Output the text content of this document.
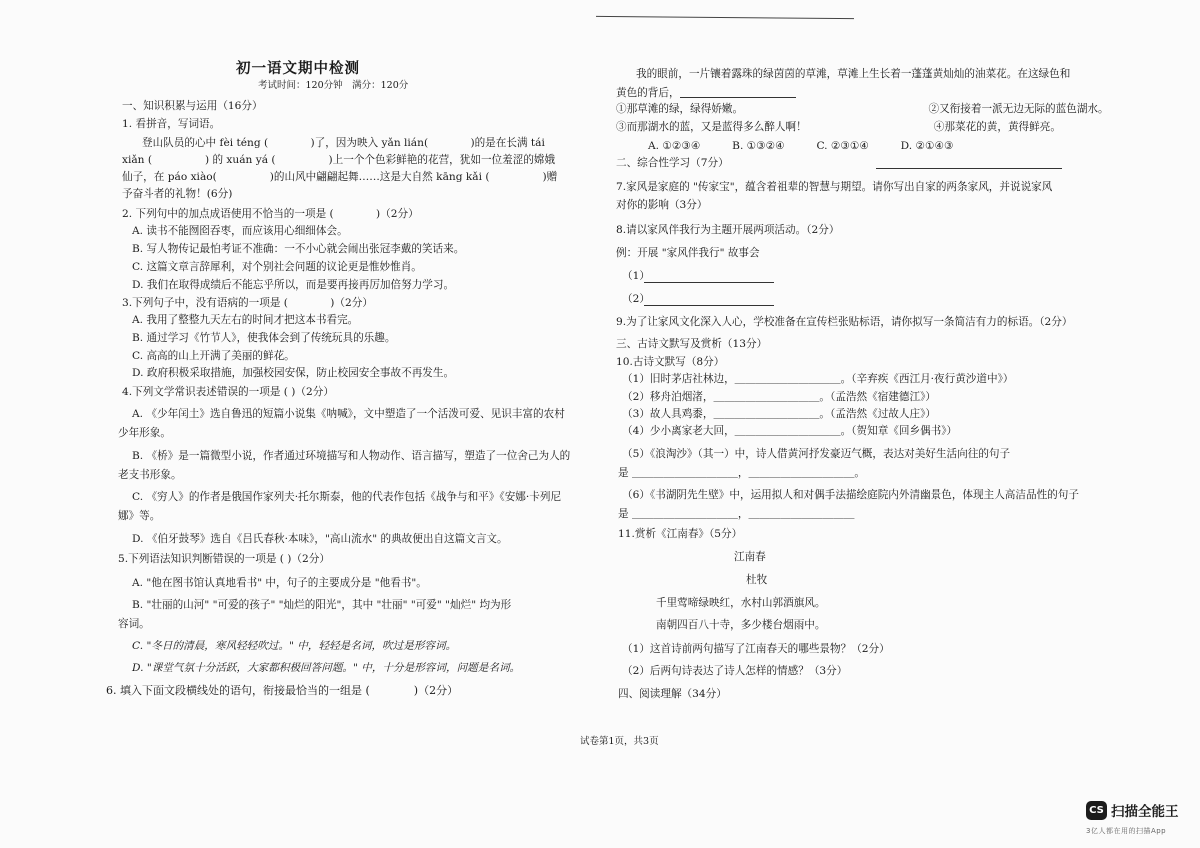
初一语文期中检测
考试时间：120分钟　满分：120分
一、知识积累与运用（16分）
1. 看拼音，写词语。
登山队员的心中 fèi téng (　　　　)了，因为映入 yǎn lián(　　　　)的是在长满 tái
xiǎn (　　　　　) 的 xuán yá (　　　　　)上一个个色彩鲜艳的花营，犹如一位羞涩的嫦娥
仙子，在 páo xiào(　　　　　)的山风中翩翩起舞……这是大自然 kāng kǎi (　　　　　)赠
予奋斗者的礼物！(6分)
2. 下列句中的加点成语使用不恰当的一项是 (　　　　)（2分）
A. 读书不能囫囵吞枣，而应该用心细细体会。
B. 写人物传记最怕考证不准确：一不小心就会闹出张冠李戴的笑话来。
C. 这篇文章言辞犀利，对个别社会问题的议论更是惟妙惟肖。
D. 我们在取得成绩后不能忘乎所以，而是要再接再厉加倍努力学习。
3.下列句子中，没有语病的一项是 (　　　　)（2分）
A. 我用了整整九天左右的时间才把这本书看完。
B. 通过学习《竹节人》，使我体会到了传统玩具的乐趣。
C. 高高的山上开满了美丽的鲜花。
D. 政府积极采取措施，加强校园安保，防止校园安全事故不再发生。
4.下列文学常识表述错误的一项是 ( )（2分）
A. 《少年闰土》选自鲁迅的短篇小说集《呐喊》，文中塑造了一个活泼可爱、见识丰富的农村
少年形象。
B. 《桥》是一篇微型小说，作者通过环境描写和人物动作、语言描写，塑造了一位舍己为人的
老支书形象。
C. 《穷人》的作者是俄国作家列夫·托尔斯泰，他的代表作包括《战争与和平》《安娜·卡列尼
娜》等。
D. 《伯牙鼓琴》选自《吕氏春秋·本味》，"高山流水" 的典故便出自这篇文言文。
5.下列语法知识判断错误的一项是 ( )（2分）
A. "他在图书馆认真地看书" 中，句子的主要成分是 "他看书"。
B. "壮丽的山河" "可爱的孩子" "灿烂的阳光"，其中 "壮丽" "可爱" "灿烂" 均为形
容词。
C. "冬日的清晨，寒风轻轻吹过。" 中，轻轻是名词，吹过是形容词。
D. "课堂气氛十分活跃，大家都积极回答问题。" 中，十分是形容词，问题是名词。
6. 填入下面文段横线处的语句，衔接最恰当的一组是 (　　　　)（2分）
我的眼前，一片镶着露珠的绿茵茵的草滩，草滩上生长着一蓬蓬黄灿灿的油菜花。在这绿色和
黄色的背后，
①那草滩的绿，绿得娇嫩。　　　　　　　　　　　　　　　　　　②又衔接着一派无边无际的蓝色湖水。
③而那湖水的蓝，又是蓝得多么醉人啊！　　　　　　　　　　　　④那菜花的黄，黄得鲜亮。
A. ①②③④　　　B. ①③②④　　　C. ②③①④　　　D. ②①④③
二、综合性学习（7分）
7.家风是家庭的 "传家宝"，蕴含着祖辈的智慧与期望。请你写出自家的两条家风，并说说家风
对你的影响（3分）
8.请以家风伴我行为主题开展两项活动。（2分）
例：开展 "家风伴我行" 故事会
（1）
（2）
9.为了让家风文化深入人心，学校准备在宣传栏张贴标语，请你拟写一条简洁有力的标语。（2分）
三、古诗文默写及赏析（13分）
10.古诗文默写（8分）
（1）旧时茅店社林边，＿＿＿＿＿＿＿＿＿＿。（辛弃疾《西江月·夜行黄沙道中》）
（2）移舟泊烟渚，＿＿＿＿＿＿＿＿＿＿。（孟浩然《宿建德江》）
（3）故人具鸡黍，＿＿＿＿＿＿＿＿＿＿。（孟浩然《过故人庄》）
（4）少小离家老大回，＿＿＿＿＿＿＿＿＿＿。（贺知章《回乡偶书》）
（5）《浪淘沙》（其一）中，诗人借黄河抒发豪迈气概，表达对美好生活向往的句子
是 ＿＿＿＿＿＿＿＿＿＿，＿＿＿＿＿＿＿＿＿＿。
（6）《书湖阴先生壁》中，运用拟人和对偶手法描绘庭院内外清幽景色，体现主人高洁品性的句子
是 ＿＿＿＿＿＿＿＿＿＿，＿＿＿＿＿＿＿＿＿＿
11.赏析《江南春》（5分）
江南春
杜牧
千里莺啼绿映红，水村山郭酒旗风。
南朝四百八十寺，多少楼台烟雨中。
（1）这首诗前两句描写了江南春天的哪些景物？（2分）
（2）后两句诗表达了诗人怎样的情感？（3分）
四、阅读理解（34分）
试卷第1页，共3页
CS 扫描全能王
3亿人都在用的扫描App
